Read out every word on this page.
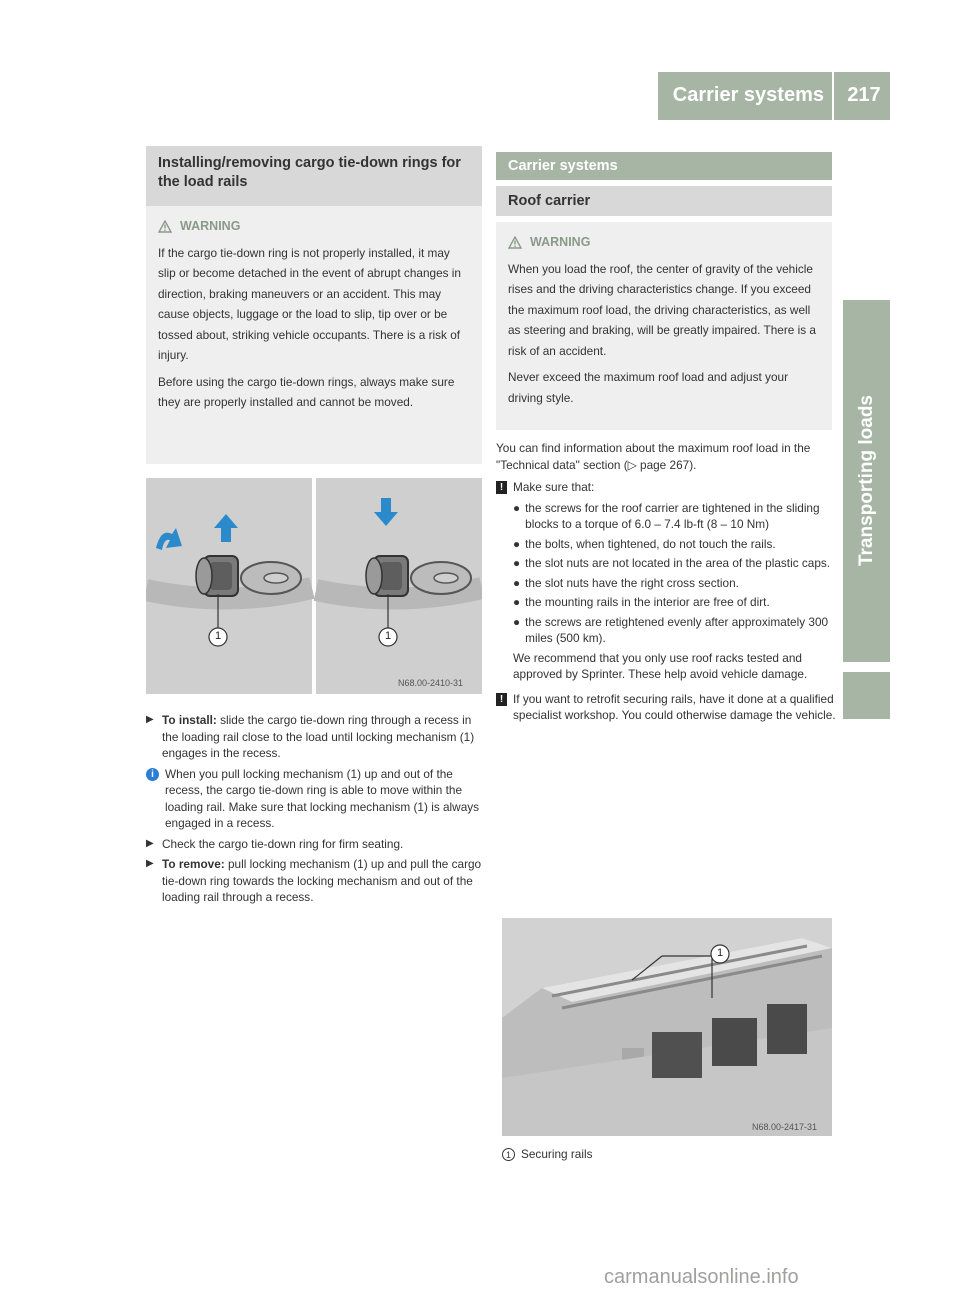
Carrier systems	217
Transporting loads
Installing/removing cargo tie-down rings for the load rails
WARNING

If the cargo tie-down ring is not properly installed, it may slip or become detached in the event of abrupt changes in direction, braking maneuvers or an accident. This may cause objects, luggage or the load to slip, tip over or be tossed about, striking vehicle occupants. There is a risk of injury.

Before using the cargo tie-down rings, always make sure they are properly installed and cannot be moved.

1	1
N68.00-2410-31
▶ To install: slide the cargo tie-down ring through a recess in the loading rail close to the load until locking mechanism (1) engages in the recess.

i When you pull locking mechanism (1) up and out of the recess, the cargo tie-down ring is able to move within the loading rail. Make sure that locking mechanism (1) is always engaged in a recess.

▶ Check the cargo tie-down ring for firm seating.

▶ To remove: pull locking mechanism (1) up and pull the cargo tie-down ring towards the locking mechanism and out of the loading rail through a recess.

Carrier systems
Roof carrier
WARNING

When you load the roof, the center of gravity of the vehicle rises and the driving characteristics change. If you exceed the maximum roof load, the driving characteristics, as well as steering and braking, will be greatly impaired. There is a risk of an accident.

Never exceed the maximum roof load and adjust your driving style.

You can find information about the maximum roof load in the "Technical data" section (▷ page 267).

! Make sure that:

● the screws for the roof carrier are tightened in the sliding blocks to a torque of 6.0 – 7.4 lb-ft (8 – 10 Nm)

● the bolts, when tightened, do not touch the rails.

● the slot nuts are not located in the area of the plastic caps.

● the slot nuts have the right cross section.

● the mounting rails in the interior are free of dirt.

● the screws are retightened evenly after approximately 300 miles (500 km).

We recommend that you only use roof racks tested and approved by Sprinter. These help avoid vehicle damage.

! If you want to retrofit securing rails, have it done at a qualified specialist workshop. You could otherwise damage the vehicle.

1
N68.00-2417-31
1 Securing rails
carmanualsonline.info
